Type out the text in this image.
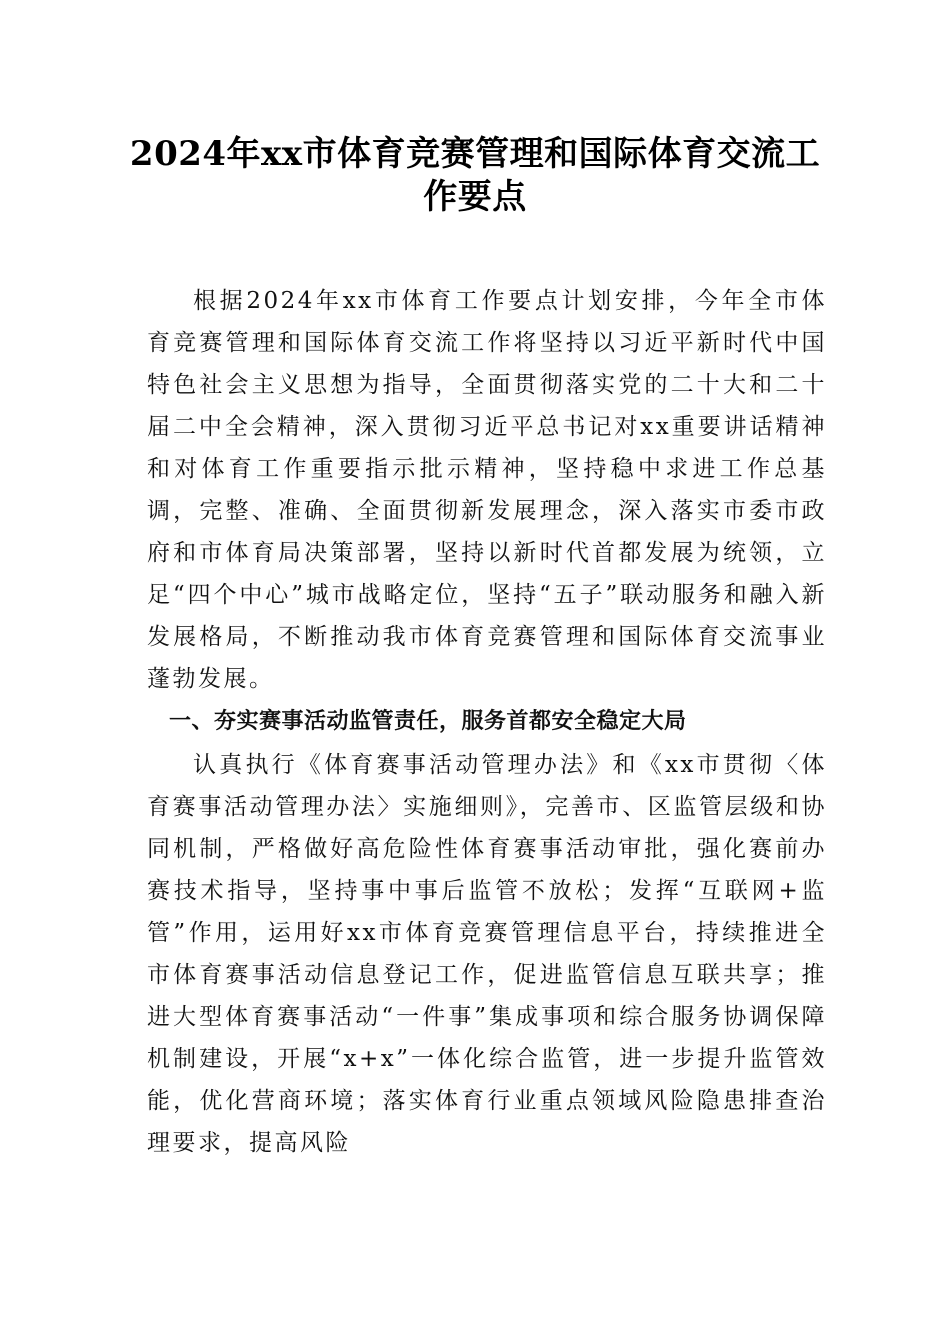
2024年xx市体育竞赛管理和国际体育交流工作要点

根据2024年xx市体育工作要点计划安排，今年全市体育竞赛管理和国际体育交流工作将坚持以习近平新时代中国特色社会主义思想为指导，全面贯彻落实党的二十大和二十届二中全会精神，深入贯彻习近平总书记对xx重要讲话精神和对体育工作重要指示批示精神，坚持稳中求进工作总基调，完整、准确、全面贯彻新发展理念，深入落实市委市政府和市体育局决策部署，坚持以新时代首都发展为统领，立足“四个中心”城市战略定位，坚持“五子”联动服务和融入新发展格局，不断推动我市体育竞赛管理和国际体育交流事业蓬勃发展。

一、夯实赛事活动监管责任，服务首都安全稳定大局

认真执行《体育赛事活动管理办法》和《xx市贯彻〈体育赛事活动管理办法〉实施细则》，完善市、区监管层级和协同机制，严格做好高危险性体育赛事活动审批，强化赛前办赛技术指导，坚持事中事后监管不放松；发挥“互联网+监管”作用，运用好xx市体育竞赛管理信息平台，持续推进全市体育赛事活动信息登记工作，促进监管信息互联共享；推进大型体育赛事活动“一件事”集成事项和综合服务协调保障机制建设，开展“x+x”一体化综合监管，进一步提升监管效能，优化营商环境；落实体育行业重点领域风险隐患排查治理要求，提高风险
